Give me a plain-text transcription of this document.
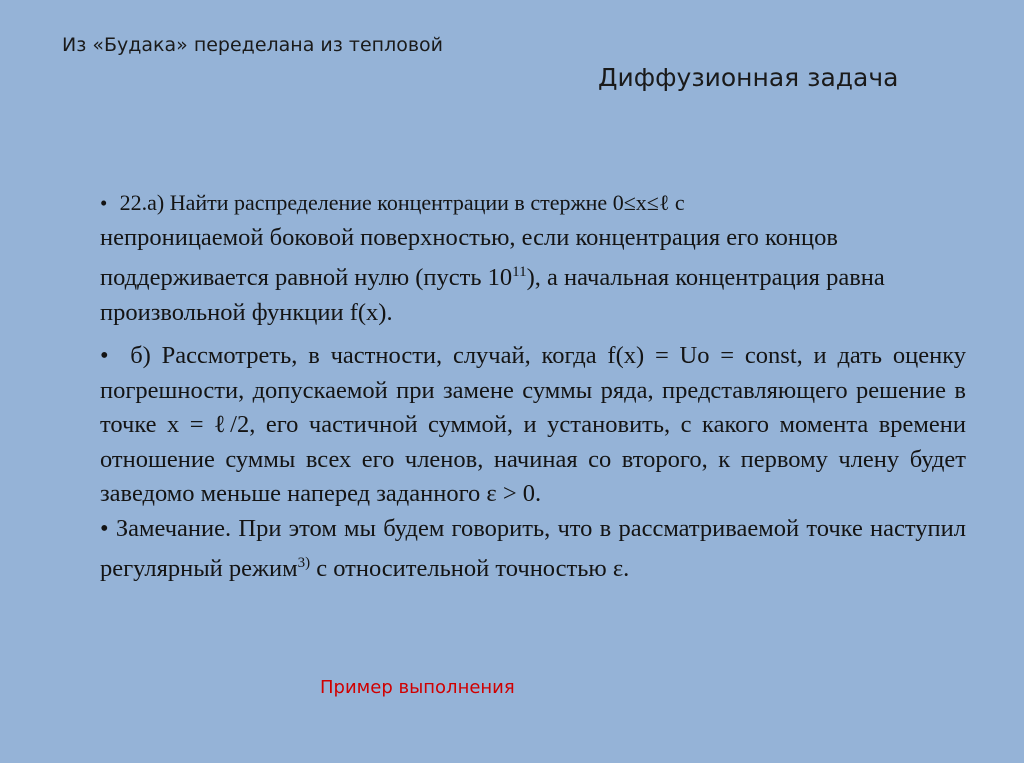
Из «Будака» переделана из тепловой
Диффузионная задача

• 22.а) Найти распределение концентрации в стержне 0≤x≤ℓ с
непроницаемой боковой поверхностью, если концентрация его концов поддерживается равной нулю (пусть $10^{11}$), а начальная концентрация равна произвольной функции f(x).

• б) Рассмотреть, в частности, случай, когда f(x) = Uo = const, и дать оценку погрешности, допускаемой при замене суммы ряда, представляющего решение в точке x = ℓ/2, его частичной суммой, и установить, с какого момента времени отношение суммы всех его членов, начиная со второго, к первому члену будет заведомо меньше наперед заданного ε > 0.

• Замечание. При этом мы будем говорить, что в рассматриваемой точке наступил регулярный режим$^{3)}$ с относительной точностью ε.

Пример выполнения
